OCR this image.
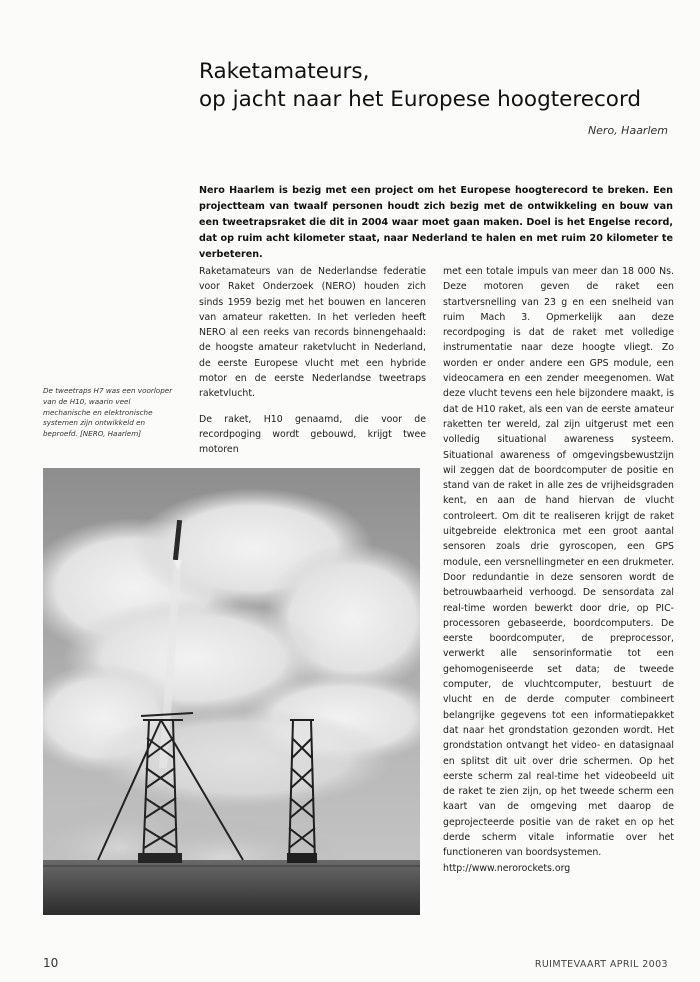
Raketamateurs,
op jacht naar het Europese hoogterecord
Nero, Haarlem

Nero Haarlem is bezig met een project om het Europese hoogterecord te breken. Een projectteam van twaalf personen houdt zich bezig met de ontwikkeling en bouw van een tweetrapsraket die dit in 2004 waar moet gaan maken. Doel is het Engelse record, dat op ruim acht kilometer staat, naar Nederland te halen en met ruim 20 kilometer te verbeteren.

De tweetraps H7 was een voorloper van de H10, waarin veel mechanische en elektronische systemen zijn ontwikkeld en beproefd. [NERO, Haarlem]

Raketamateurs van de Nederlandse federatie voor Raket Onderzoek (NERO) houden zich sinds 1959 bezig met het bouwen en lanceren van amateur raketten. In het verleden heeft NERO al een reeks van records binnengehaald: de hoogste amateur raketvlucht in Nederland, de eerste Europese vlucht met een hybride motor en de eerste Nederlandse tweetraps raketvlucht.

De raket, H10 genaamd, die voor de recordpoging wordt gebouwd, krijgt twee motoren

met een totale impuls van meer dan 18 000 Ns. Deze motoren geven de raket een startversnelling van 23 g en een snelheid van ruim Mach 3. Opmerkelijk aan deze recordpoging is dat de raket met volledige instrumentatie naar deze hoogte vliegt. Zo worden er onder andere een GPS module, een videocamera en een zender meegenomen. Wat deze vlucht tevens een hele bijzondere maakt, is dat de H10 raket, als een van de eerste amateur raketten ter wereld, zal zijn uitgerust met een volledig situational awareness systeem. Situational awareness of omgevingsbewustzijn wil zeggen dat de boordcomputer de positie en stand van de raket in alle zes de vrijheidsgraden kent, en aan de hand hiervan de vlucht controleert. Om dit te realiseren krijgt de raket uitgebreide elektronica met een groot aantal sensoren zoals drie gyroscopen, een GPS module, een versnellingmeter en een drukmeter. Door redundantie in deze sensoren wordt de betrouwbaarheid verhoogd. De sensordata zal real-time worden bewerkt door drie, op PIC-processoren gebaseerde, boordcomputers. De eerste boordcomputer, de preprocessor, verwerkt alle sensorinformatie tot een gehomogeniseerde set data; de tweede computer, de vluchtcomputer, bestuurt de vlucht en de derde computer combineert belangrijke gegevens tot een informatiepakket dat naar het grondstation gezonden wordt. Het grondstation ontvangt het video- en datasignaal en splitst dit uit over drie schermen. Op het eerste scherm zal real-time het videobeeld uit de raket te zien zijn, op het tweede scherm een kaart van de omgeving met daarop de geprojecteerde positie van de raket en op het derde scherm vitale informatie over het functioneren van boordsystemen.

http://www.nerorockets.org
10	RUIMTEVAART APRIL 2003
